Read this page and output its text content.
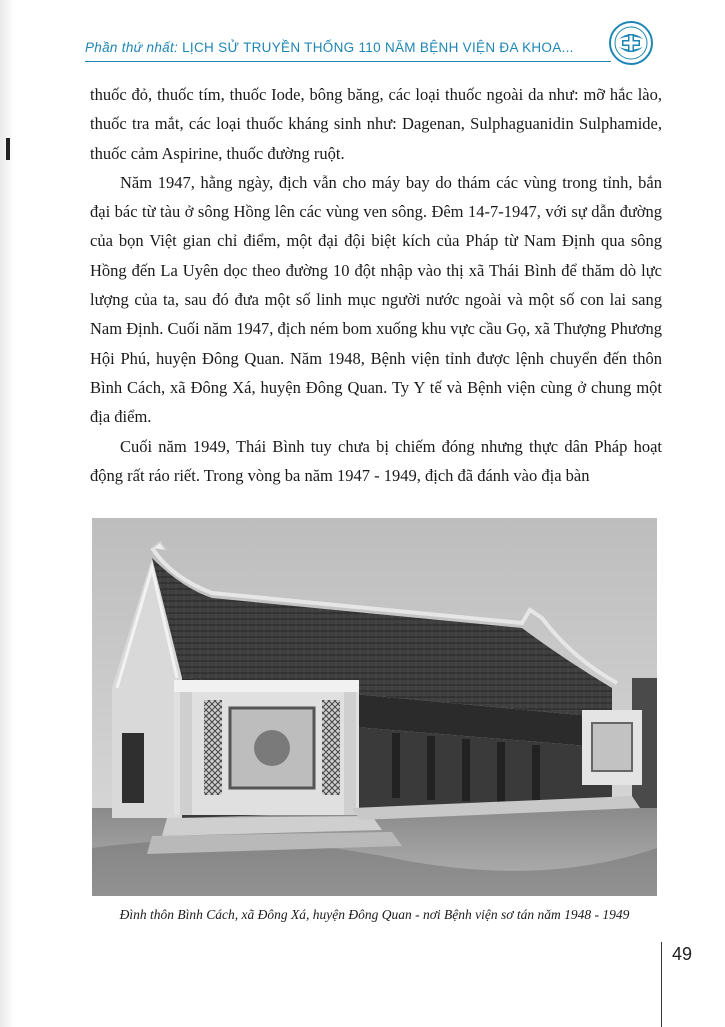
Phần thứ nhất: LỊCH SỬ TRUYỀN THỐNG 110 NĂM BỆNH VIỆN ĐA KHOA...

thuốc đỏ, thuốc tím, thuốc Iode, bông băng, các loại thuốc ngoài da như: mỡ hắc lào, thuốc tra mắt, các loại thuốc kháng sinh như: Dagenan, Sulphaguanidin Sulphamide, thuốc cảm Aspirine, thuốc đường ruột.

Năm 1947, hằng ngày, địch vẫn cho máy bay do thám các vùng trong tỉnh, bắn đại bác từ tàu ở sông Hồng lên các vùng ven sông. Đêm 14-7-1947, với sự dẫn đường của bọn Việt gian chỉ điểm, một đại đội biệt kích của Pháp từ Nam Định qua sông Hồng đến La Uyên dọc theo đường 10 đột nhập vào thị xã Thái Bình để thăm dò lực lượng của ta, sau đó đưa một số linh mục người nước ngoài và một số con lai sang Nam Định. Cuối năm 1947, địch ném bom xuống khu vực cầu Gọ, xã Thượng Phương Hội Phú, huyện Đông Quan. Năm 1948, Bệnh viện tỉnh được lệnh chuyển đến thôn Bình Cách, xã Đông Xá, huyện Đông Quan. Ty Y tế và Bệnh viện cùng ở chung một địa điểm.

Cuối năm 1949, Thái Bình tuy chưa bị chiếm đóng nhưng thực dân Pháp hoạt động rất ráo riết. Trong vòng ba năm 1947 - 1949, địch đã đánh vào địa bàn

Đình thôn Bình Cách, xã Đông Xá, huyện Đông Quan - nơi Bệnh viện sơ tán năm 1948 - 1949
49
